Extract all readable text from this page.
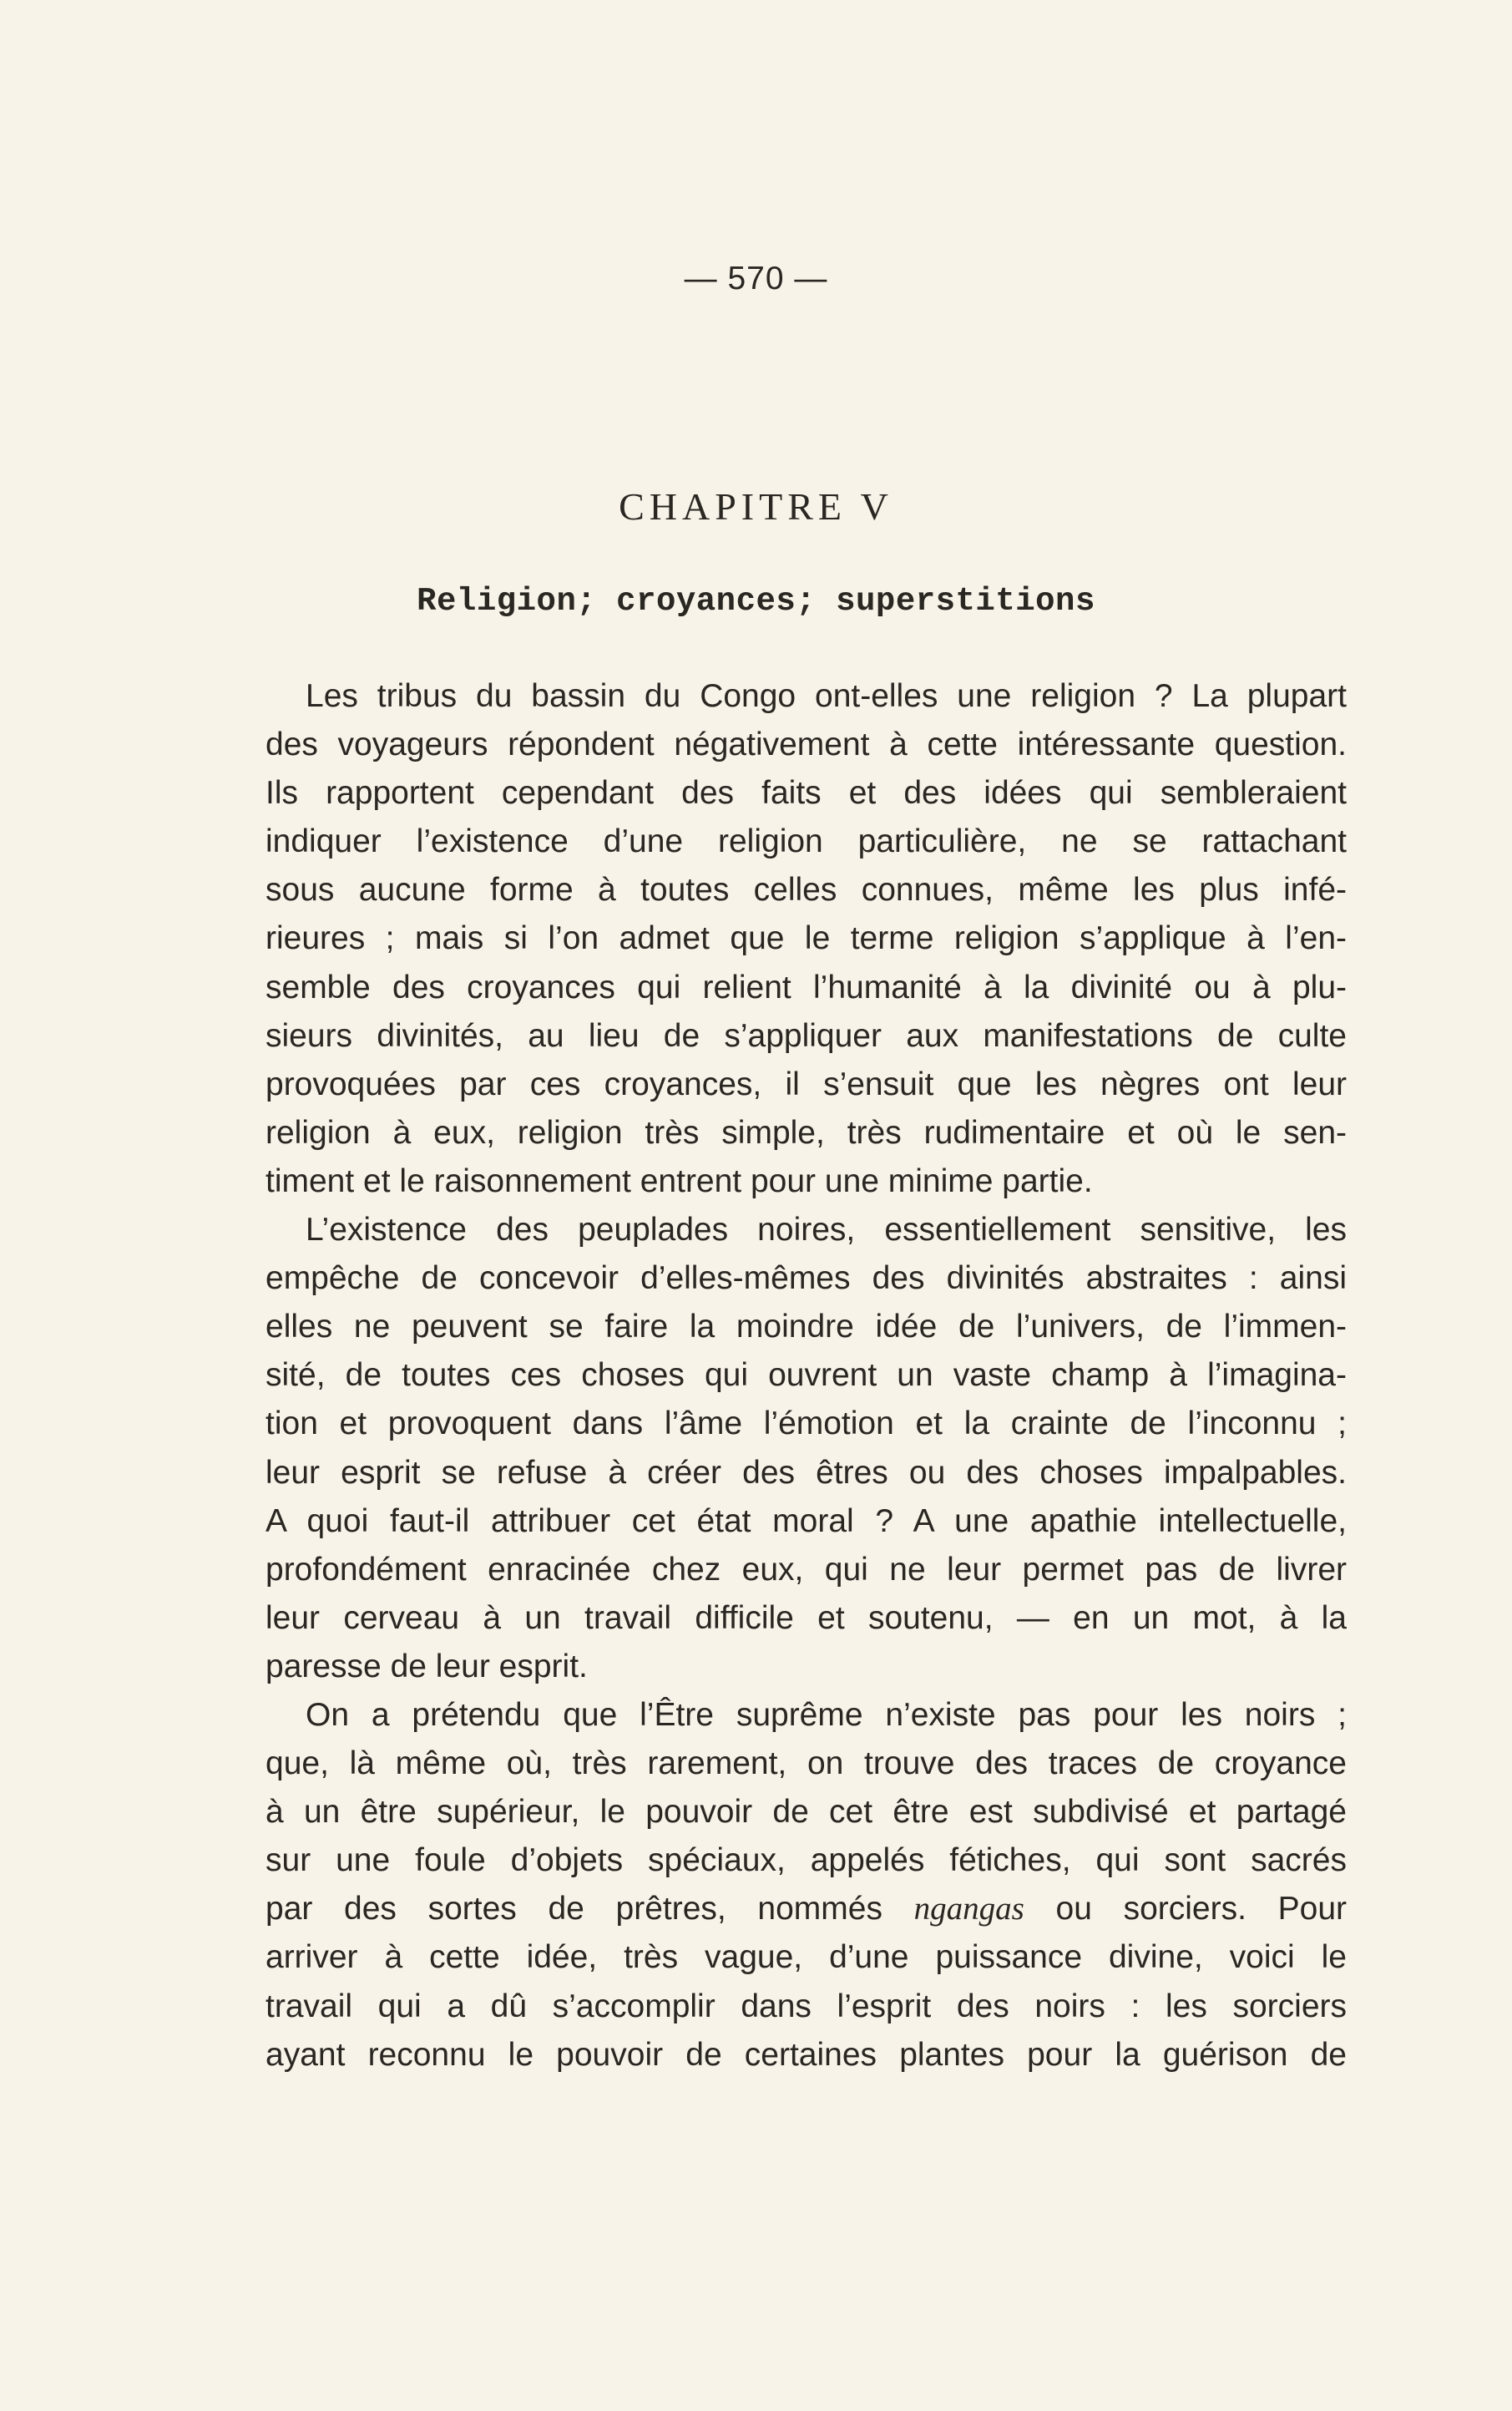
— 570 —
CHAPITRE V
Religion; croyances; superstitions
Les tribus du bassin du Congo ont-elles une religion ? La plupart
des voyageurs répondent négativement à cette intéressante question.
Ils rapportent cependant des faits et des idées qui sembleraient
indiquer l’existence d’une religion particulière, ne se rattachant
sous aucune forme à toutes celles connues, même les plus infé-
rieures ; mais si l’on admet que le terme religion s’applique à l’en-
semble des croyances qui relient l’humanité à la divinité ou à plu-
sieurs divinités, au lieu de s’appliquer aux manifestations de culte
provoquées par ces croyances, il s’ensuit que les nègres ont leur
religion à eux, religion très simple, très rudimentaire et où le sen-
timent et le raisonnement entrent pour une minime partie.
L’existence des peuplades noires, essentiellement sensitive, les
empêche de concevoir d’elles-mêmes des divinités abstraites : ainsi
elles ne peuvent se faire la moindre idée de l’univers, de l’immen-
sité, de toutes ces choses qui ouvrent un vaste champ à l’imagina-
tion et provoquent dans l’âme l’émotion et la crainte de l’inconnu ;
leur esprit se refuse à créer des êtres ou des choses impalpables.
A quoi faut-il attribuer cet état moral ? A une apathie intellectuelle,
profondément enracinée chez eux, qui ne leur permet pas de livrer
leur cerveau à un travail difficile et soutenu, — en un mot, à la
paresse de leur esprit.
On a prétendu que l’Être suprême n’existe pas pour les noirs ;
que, là même où, très rarement, on trouve des traces de croyance
à un être supérieur, le pouvoir de cet être est subdivisé et partagé
sur une foule d’objets spéciaux, appelés fétiches, qui sont sacrés
par des sortes de prêtres, nommés ngangas ou sorciers. Pour
arriver à cette idée, très vague, d’une puissance divine, voici le
travail qui a dû s’accomplir dans l’esprit des noirs : les sorciers
ayant reconnu le pouvoir de certaines plantes pour la guérison de
